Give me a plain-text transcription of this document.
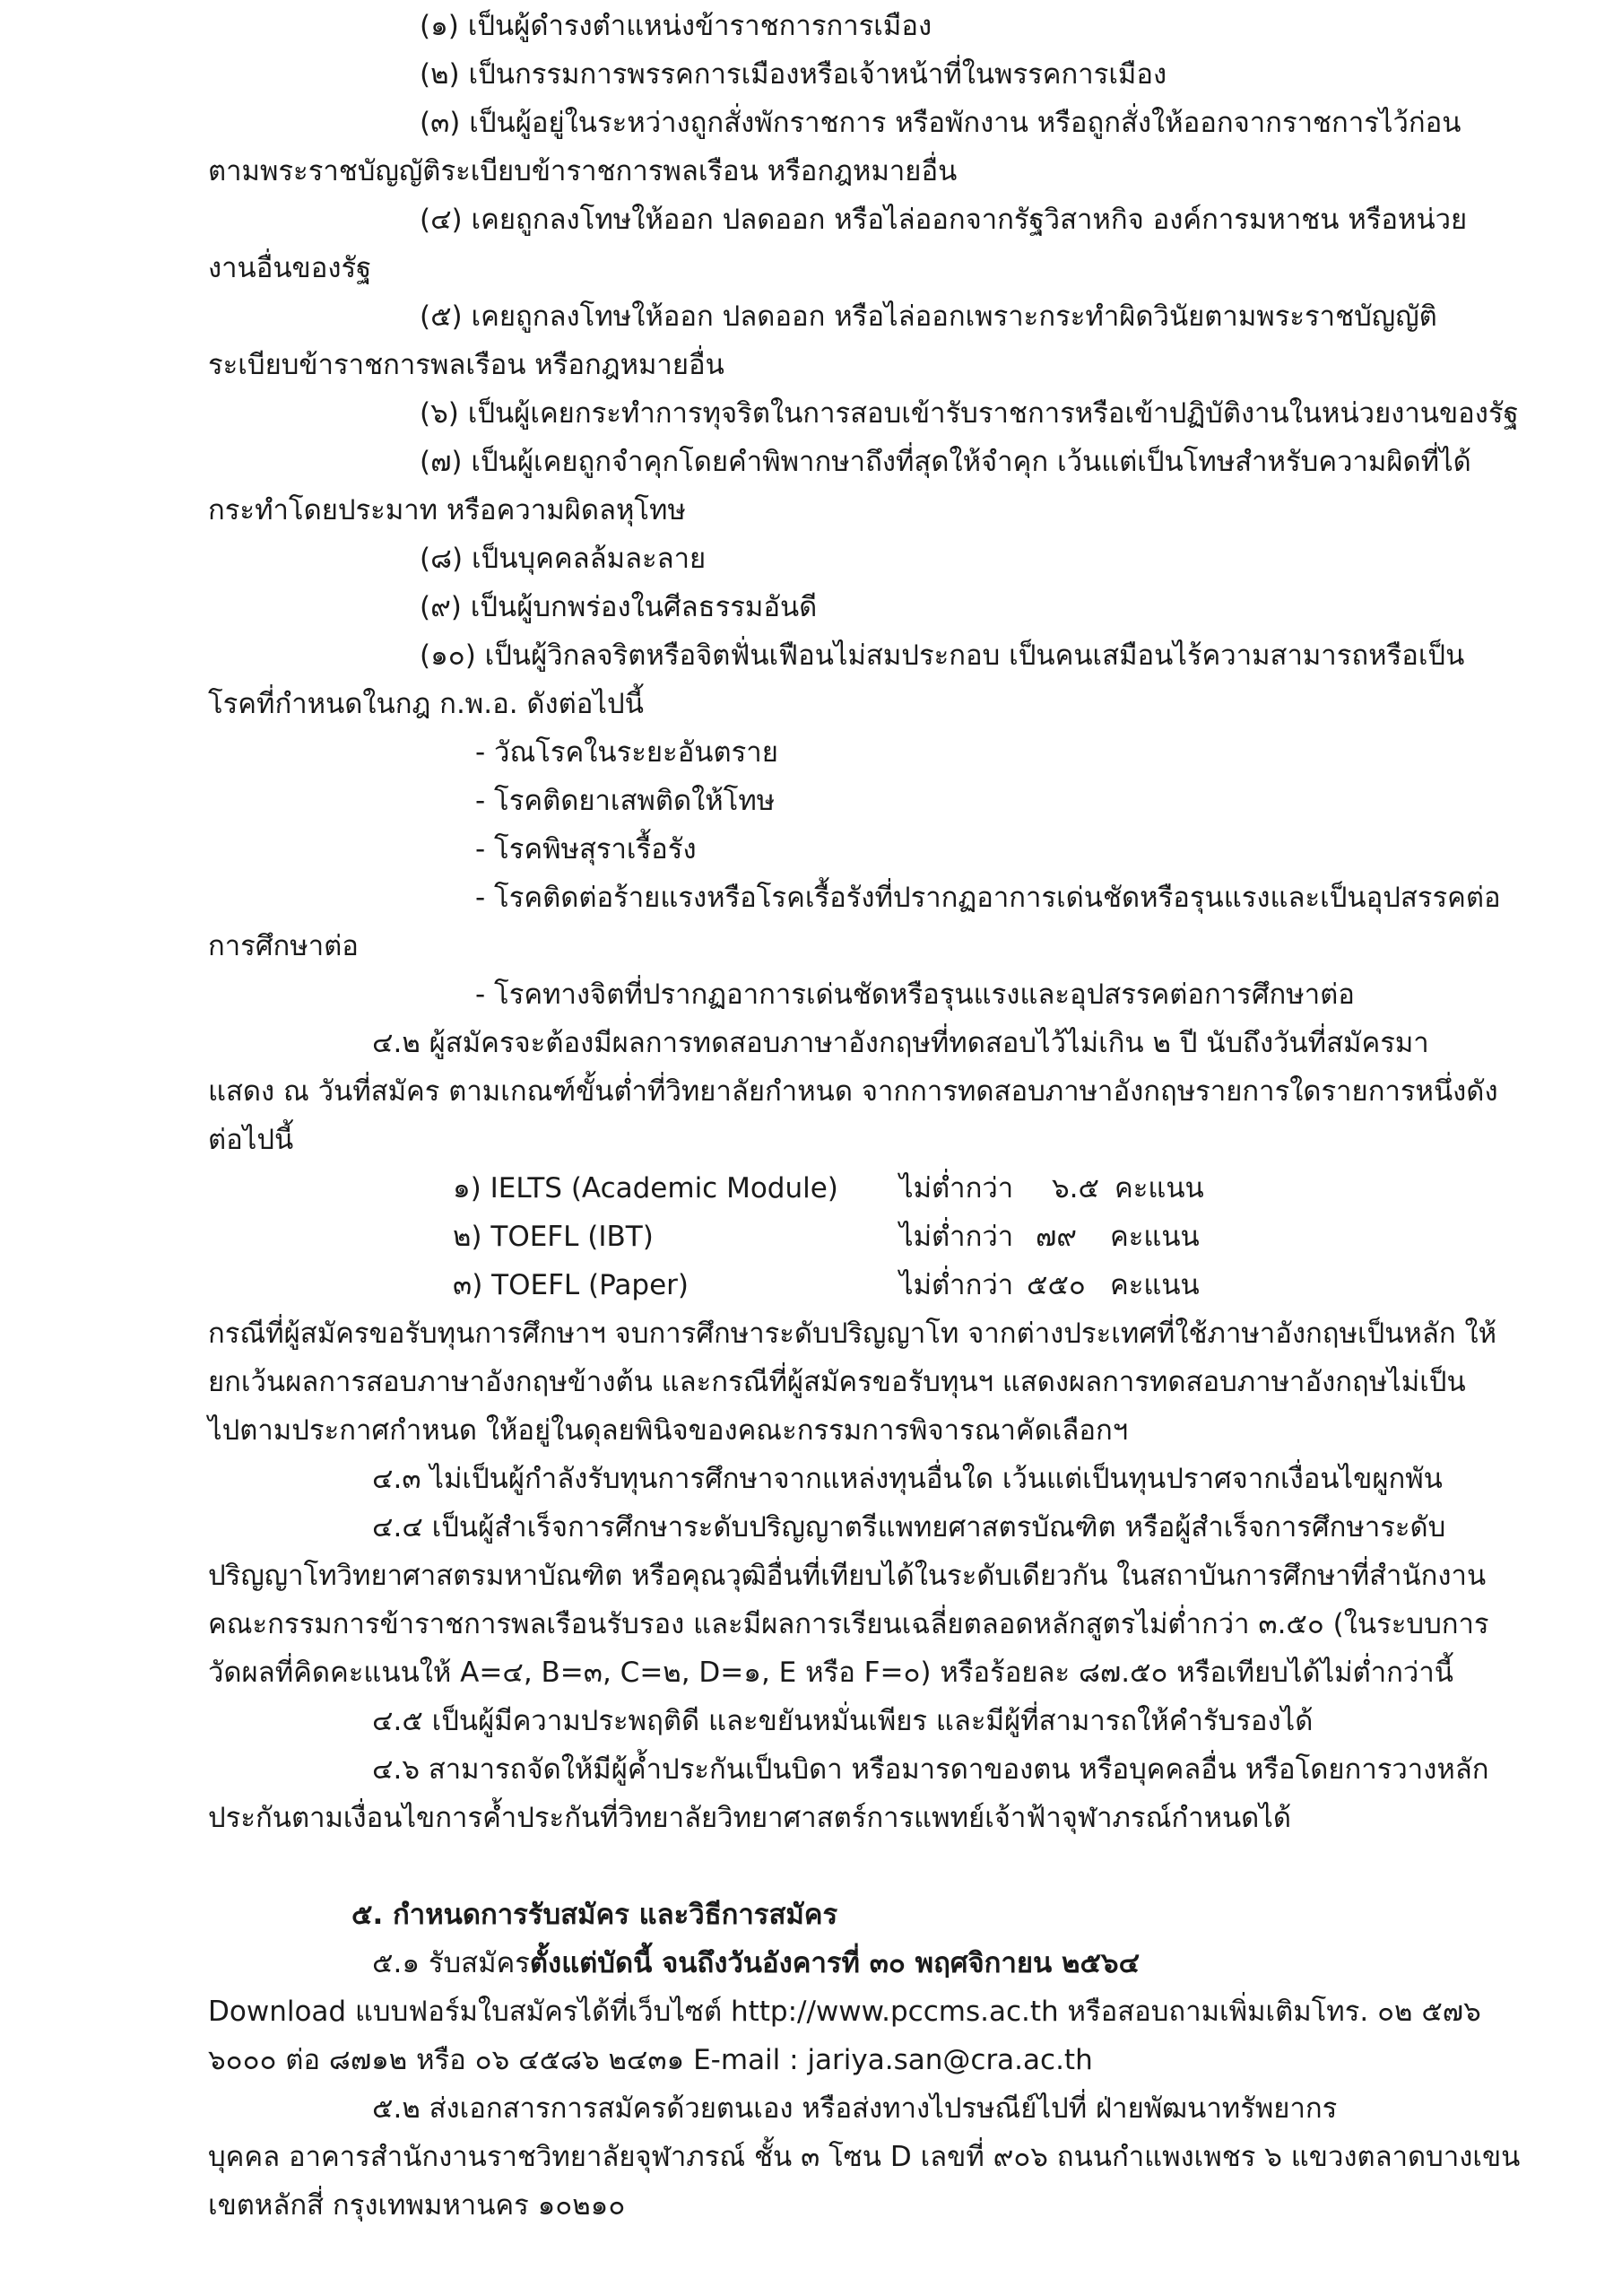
(๑) เป็นผู้ดำรงตำแหน่งข้าราชการการเมือง
(๒) เป็นกรรมการพรรคการเมืองหรือเจ้าหน้าที่ในพรรคการเมือง
(๓) เป็นผู้อยู่ในระหว่างถูกสั่งพักราชการ หรือพักงาน หรือถูกสั่งให้ออกจากราชการไว้ก่อน
ตามพระราชบัญญัติระเบียบข้าราชการพลเรือน หรือกฎหมายอื่น
(๔) เคยถูกลงโทษให้ออก ปลดออก หรือไล่ออกจากรัฐวิสาหกิจ องค์การมหาชน หรือหน่วย
งานอื่นของรัฐ
(๕) เคยถูกลงโทษให้ออก ปลดออก หรือไล่ออกเพราะกระทำผิดวินัยตามพระราชบัญญัติ
ระเบียบข้าราชการพลเรือน หรือกฎหมายอื่น
(๖) เป็นผู้เคยกระทำการทุจริตในการสอบเข้ารับราชการหรือเข้าปฏิบัติงานในหน่วยงานของรัฐ
(๗) เป็นผู้เคยถูกจำคุกโดยคำพิพากษาถึงที่สุดให้จำคุก เว้นแต่เป็นโทษสำหรับความผิดที่ได้
กระทำโดยประมาท หรือความผิดลหุโทษ
(๘) เป็นบุคคลล้มละลาย
(๙) เป็นผู้บกพร่องในศีลธรรมอันดี
(๑๐) เป็นผู้วิกลจริตหรือจิตฟั่นเฟือนไม่สมประกอบ เป็นคนเสมือนไร้ความสามารถหรือเป็น
โรคที่กำหนดในกฎ ก.พ.อ. ดังต่อไปนี้
- วัณโรคในระยะอันตราย
- โรคติดยาเสพติดให้โทษ
- โรคพิษสุราเรื้อรัง
- โรคติดต่อร้ายแรงหรือโรคเรื้อรังที่ปรากฏอาการเด่นชัดหรือรุนแรงและเป็นอุปสรรคต่อ
การศึกษาต่อ
- โรคทางจิตที่ปรากฏอาการเด่นชัดหรือรุนแรงและอุปสรรคต่อการศึกษาต่อ
๔.๒ ผู้สมัครจะต้องมีผลการทดสอบภาษาอังกฤษที่ทดสอบไว้ไม่เกิน ๒ ปี นับถึงวันที่สมัครมา
แสดง ณ วันที่สมัคร ตามเกณฑ์ขั้นต่ำที่วิทยาลัยกำหนด จากการทดสอบภาษาอังกฤษรายการใดรายการหนึ่งดัง
ต่อไปนี้
๑) IELTS (Academic Module) ไม่ต่ำกว่า ๖.๕ คะแนน
๒) TOEFL (IBT)	ไม่ต่ำกว่า ๗๙ คะแนน
๓) TOEFL (Paper)	ไม่ต่ำกว่า ๕๕๐ คะแนน
กรณีที่ผู้สมัครขอรับทุนการศึกษาฯ จบการศึกษาระดับปริญญาโท จากต่างประเทศที่ใช้ภาษาอังกฤษเป็นหลัก ให้
ยกเว้นผลการสอบภาษาอังกฤษข้างต้น และกรณีที่ผู้สมัครขอรับทุนฯ แสดงผลการทดสอบภาษาอังกฤษไม่เป็น
ไปตามประกาศกำหนด ให้อยู่ในดุลยพินิจของคณะกรรมการพิจารณาคัดเลือกฯ
๔.๓ ไม่เป็นผู้กำลังรับทุนการศึกษาจากแหล่งทุนอื่นใด เว้นแต่เป็นทุนปราศจากเงื่อนไขผูกพัน
๔.๔ เป็นผู้สำเร็จการศึกษาระดับปริญญาตรีแพทยศาสตรบัณฑิต หรือผู้สำเร็จการศึกษาระดับ
ปริญญาโทวิทยาศาสตรมหาบัณฑิต หรือคุณวุฒิอื่นที่เทียบได้ในระดับเดียวกัน ในสถาบันการศึกษาที่สำนักงาน
คณะกรรมการข้าราชการพลเรือนรับรอง และมีผลการเรียนเฉลี่ยตลอดหลักสูตรไม่ต่ำกว่า ๓.๕๐ (ในระบบการ
วัดผลที่คิดคะแนนให้ A=๔, B=๓, C=๒, D=๑, E หรือ F=๐) หรือร้อยละ ๘๗.๕๐ หรือเทียบได้ไม่ต่ำกว่านี้
๔.๕ เป็นผู้มีความประพฤติดี และขยันหมั่นเพียร และมีผู้ที่สามารถให้คำรับรองได้
๔.๖ สามารถจัดให้มีผู้ค้ำประกันเป็นบิดา หรือมารดาของตน หรือบุคคลอื่น หรือโดยการวางหลัก
ประกันตามเงื่อนไขการค้ำประกันที่วิทยาลัยวิทยาศาสตร์การแพทย์เจ้าฟ้าจุฬาภรณ์กำหนดได้
๕. กำหนดการรับสมัคร และวิธีการสมัคร
๕.๑ รับสมัครตั้งแต่บัดนี้ จนถึงวันอังคารที่ ๓๐ พฤศจิกายน ๒๕๖๔
Download แบบฟอร์มใบสมัครได้ที่เว็บไซต์ http://www.pccms.ac.th หรือสอบถามเพิ่มเติมโทร. ๐๒ ๕๗๖
๖๐๐๐ ต่อ ๘๗๑๒ หรือ ๐๖ ๔๕๘๖ ๒๔๓๑ E-mail : jariya.san@cra.ac.th
๕.๒ ส่งเอกสารการสมัครด้วยตนเอง หรือส่งทางไปรษณีย์ไปที่ ฝ่ายพัฒนาทรัพยากร
บุคคล อาคารสำนักงานราชวิทยาลัยจุฬาภรณ์ ชั้น ๓ โซน D เลขที่ ๙๐๖ ถนนกำแพงเพชร ๖ แขวงตลาดบางเขน
เขตหลักสี่ กรุงเทพมหานคร ๑๐๒๑๐
